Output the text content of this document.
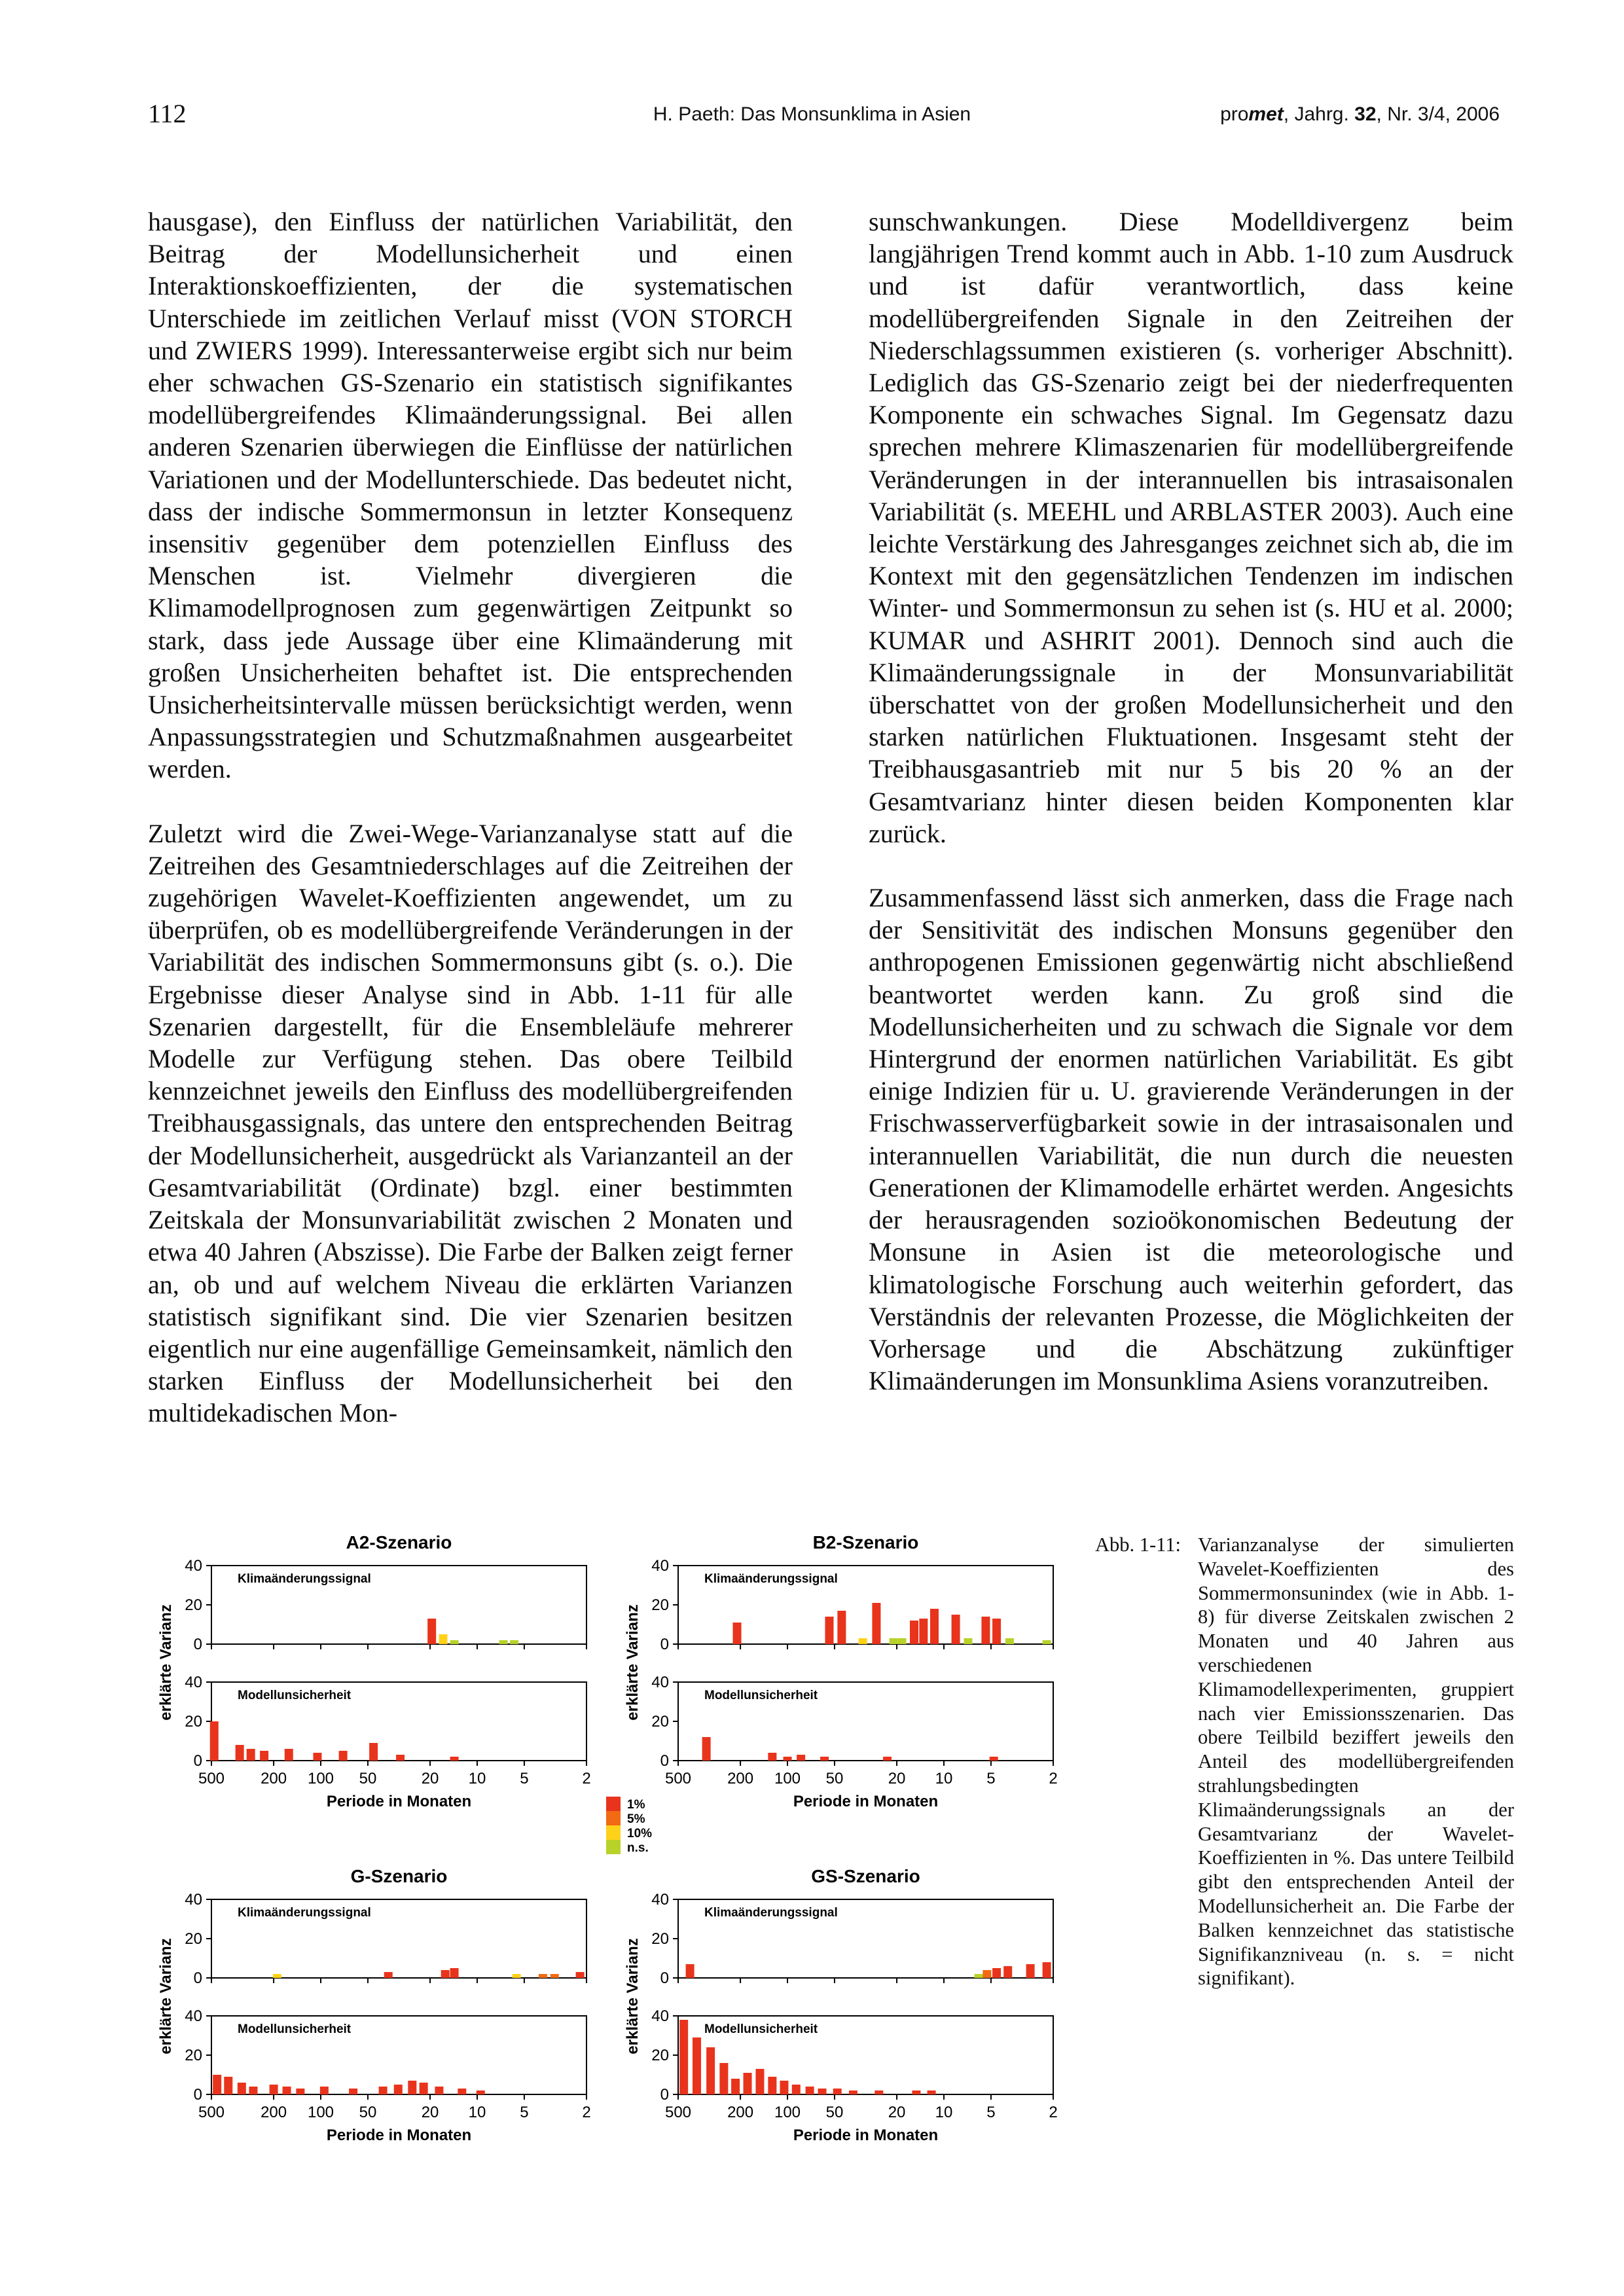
112	H. Paeth: Das Monsunklima in Asien	promet, Jahrg. 32, Nr. 3/4, 2006

hausgase), den Einfluss der natürlichen Variabilität, den Beitrag der Modellunsicherheit und einen Interaktionskoeffizienten, der die systematischen Unterschiede im zeitlichen Verlauf misst (VON STORCH und ZWIERS 1999). Interessanterweise ergibt sich nur beim eher schwachen GS-Szenario ein statistisch signifikantes modellübergreifendes Klimaänderungssignal. Bei allen anderen Szenarien überwiegen die Einflüsse der natürlichen Variationen und der Modellunterschiede. Das bedeutet nicht, dass der indische Sommermonsun in letzter Konsequenz insensitiv gegenüber dem potenziellen Einfluss des Menschen ist. Vielmehr divergieren die Klimamodellprognosen zum gegenwärtigen Zeitpunkt so stark, dass jede Aussage über eine Klimaänderung mit großen Unsicherheiten behaftet ist. Die entsprechenden Unsicherheitsintervalle müssen berücksichtigt werden, wenn Anpassungsstrategien und Schutzmaßnahmen ausgearbeitet werden.

Zuletzt wird die Zwei-Wege-Varianzanalyse statt auf die Zeitreihen des Gesamtniederschlages auf die Zeitreihen der zugehörigen Wavelet-Koeffizienten angewendet, um zu überprüfen, ob es modellübergreifende Veränderungen in der Variabilität des indischen Sommermonsuns gibt (s. o.). Die Ergebnisse dieser Analyse sind in Abb. 1-11 für alle Szenarien dargestellt, für die Ensembleläufe mehrerer Modelle zur Verfügung stehen. Das obere Teilbild kennzeichnet jeweils den Einfluss des modellübergreifenden Treibhausgassignals, das untere den entsprechenden Beitrag der Modellunsicherheit, ausgedrückt als Varianzanteil an der Gesamtvariabilität (Ordinate) bzgl. einer bestimmten Zeitskala der Monsunvariabilität zwischen 2 Monaten und etwa 40 Jahren (Abszisse). Die Farbe der Balken zeigt ferner an, ob und auf welchem Niveau die erklärten Varianzen statistisch signifikant sind. Die vier Szenarien besitzen eigentlich nur eine augenfällige Gemeinsamkeit, nämlich den starken Einfluss der Modellunsicherheit bei den multidekadischen Mon-

sunschwankungen. Diese Modelldivergenz beim langjährigen Trend kommt auch in Abb. 1-10 zum Ausdruck und ist dafür verantwortlich, dass keine modellübergreifenden Signale in den Zeitreihen der Niederschlagssummen existieren (s. vorheriger Abschnitt). Lediglich das GS-Szenario zeigt bei der niederfrequenten Komponente ein schwaches Signal. Im Gegensatz dazu sprechen mehrere Klimaszenarien für modellübergreifende Veränderungen in der interannuellen bis intrasaisonalen Variabilität (s. MEEHL und ARBLASTER 2003). Auch eine leichte Verstärkung des Jahresganges zeichnet sich ab, die im Kontext mit den gegensätzlichen Tendenzen im indischen Winter- und Sommermonsun zu sehen ist (s. HU et al. 2000; KUMAR und ASHRIT 2001). Dennoch sind auch die Klimaänderungssignale in der Monsunvariabilität überschattet von der großen Modellunsicherheit und den starken natürlichen Fluktuationen. Insgesamt steht der Treibhausgasantrieb mit nur 5 bis 20 % an der Gesamtvarianz hinter diesen beiden Komponenten klar zurück.

Zusammenfassend lässt sich anmerken, dass die Frage nach der Sensitivität des indischen Monsuns gegenüber den anthropogenen Emissionen gegenwärtig nicht abschließend beantwortet werden kann. Zu groß sind die Modellunsicherheiten und zu schwach die Signale vor dem Hintergrund der enormen natürlichen Variabilität. Es gibt einige Indizien für u. U. gravierende Veränderungen in der Frischwasserverfügbarkeit sowie in der intrasaisonalen und interannuellen Variabilität, die nun durch die neuesten Generationen der Klimamodelle erhärtet werden. Angesichts der herausragenden sozioökonomischen Bedeutung der Monsune in Asien ist die meteorologische und klimatologische Forschung auch weiterhin gefordert, das Verständnis der relevanten Prozesse, die Möglichkeiten der Vorhersage und die Abschätzung zukünftiger Klimaänderungen im Monsunklima Asiens voranzutreiben.

A2-Szenario
Klimaänderungssignal
0
20
40
Modellunsicherheit
0
20
40
500 200 100 50	20 10 5	2
Periode in Monaten
erklärte Varianz
B2-Szenario
Klimaänderungssignal
0
20
40
Modellunsicherheit
0
20
40
500 200 100 50	20 10 5	2
Periode in Monaten
erklärte Varianz
G-Szenario
Klimaänderungssignal
0
20
40
Modellunsicherheit
0
20
40
500 200 100 50	20 10 5	2
Periode in Monaten
erklärte Varianz
GS-Szenario
Klimaänderungssignal
0
20
40
Modellunsicherheit
0
20
40
500 200 100 50	20 10 5	2
Periode in Monaten
erklärte Varianz
1%
5%
10%
n.s.
Abb. 1-11: Varianzanalyse der simulierten Wavelet-Koeffizienten des Sommermonsunindex (wie in Abb. 1-8) für diverse Zeitskalen zwischen 2 Monaten und 40 Jahren aus verschiedenen Klimamodellexperimenten, gruppiert nach vier Emissionsszenarien. Das obere Teilbild beziffert jeweils den Anteil des modellübergreifenden strahlungsbedingten Klimaänderungssignals an der Gesamtvarianz der Wavelet-Koeffizienten in %. Das untere Teilbild gibt den entsprechenden Anteil der Modellunsicherheit an. Die Farbe der Balken kennzeichnet das statistische Signifikanzniveau (n. s. = nicht signifikant).
